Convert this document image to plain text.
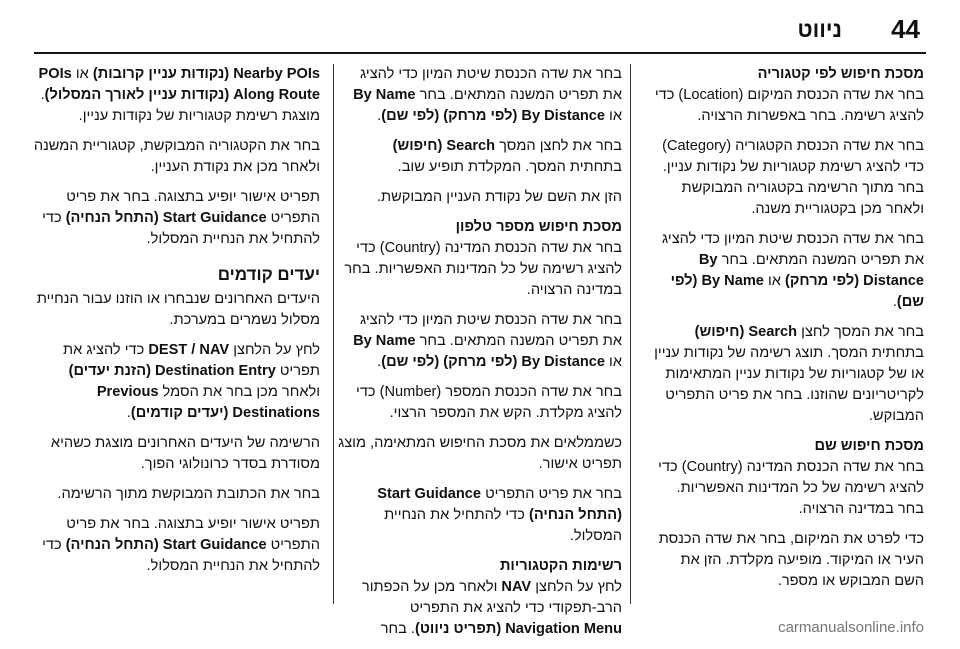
44
ניווט
מסכת חיפוש לפי קטגוריה
בחר את שדה הכנסת המיקום (Location) כדי להציג רשימה. בחר באפשרות הרצויה.
בחר את שדה הכנסת הקטגוריה (Category) כדי להציג רשימת קטגוריות של נקודות עניין. בחר מתוך הרשימה בקטגוריה המבוקשת ולאחר מכן בקטגוריית משנה.
בחר את שדה הכנסת שיטת המיון כדי להציג את תפריט המשנה המתאים. בחר By Distance (לפי מרחק) או By Name (לפי שם).
בחר את המסך לחצן Search (חיפוש) בתחתית המסך. תוצג רשימה של נקודות עניין או של קטגוריות של נקודות עניין המתאימות לקריטריונים שהוזנו. בחר את פריט התפריט המבוקש.
מסכת חיפוש שם
בחר את שדה הכנסת המדינה (Country) כדי להציג רשימה של כל המדינות האפשריות. בחר במדינה הרצויה.
כדי לפרט את המיקום, בחר את שדה הכנסת העיר או המיקוד. מופיעה מקלדת. הזן את השם המבוקש או מספר.
בחר את שדה הכנסת שיטת המיון כדי להציג את תפריט המשנה המתאים. בחר By Name או By Distance (לפי מרחק) (לפי שם).
בחר את לחצן המסך Search (חיפוש) בתחתית המסך. המקלדת תופיע שוב.
הזן את השם של נקודת העניין המבוקשת.
מסכת חיפוש מספר טלפון
בחר את שדה הכנסת המדינה (Country) כדי להציג רשימה של כל המדינות האפשריות. בחר במדינה הרצויה.
בחר את שדה הכנסת שיטת המיון כדי להציג את תפריט המשנה המתאים. בחר By Name או By Distance (לפי מרחק) (לפי שם).
בחר את שדה הכנסת המספר (Number) כדי להציג מקלדת. הקש את המספר הרצוי.
כשממלאים את מסכת החיפוש המתאימה, מוצג תפריט אישור.
בחר את פריט התפריט Start Guidance (התחל הנחיה) כדי להתחיל את הנחיית המסלול.
רשימות הקטגוריות
לחץ על הלחצן NAV ולאחר מכן על הכפתור הרב-תפקודי כדי להציג את התפריט Navigation Menu (תפריט ניווט). בחר
Nearby POIs (נקודות עניין קרובות) או POIs Along Route (נקודות עניין לאורך המסלול). מוצגת רשימת קטגוריות של נקודות עניין.
בחר את הקטגוריה המבוקשת, קטגוריית המשנה ולאחר מכן את נקודת העניין.
תפריט אישור יופיע בתצוגה. בחר את פריט התפריט Start Guidance (התחל הנחיה) כדי להתחיל את הנחיית המסלול.
יעדים קודמים
היעדים האחרונים שנבחרו או הוזנו עבור הנחיית מסלול נשמרים במערכת.
לחץ על הלחצן DEST / NAV כדי להציג את תפריט Destination Entry (הזנת יעדים) ולאחר מכן בחר את הסמל Previous Destinations (יעדים קודמים).
הרשימה של היעדים האחרונים מוצגת כשהיא מסודרת בסדר כרונולוגי הפוך.
בחר את הכתובת המבוקשת מתוך הרשימה.
תפריט אישור יופיע בתצוגה. בחר את פריט התפריט Start Guidance (התחל הנחיה) כדי להתחיל את הנחיית המסלול.
carmanualsonline.info
